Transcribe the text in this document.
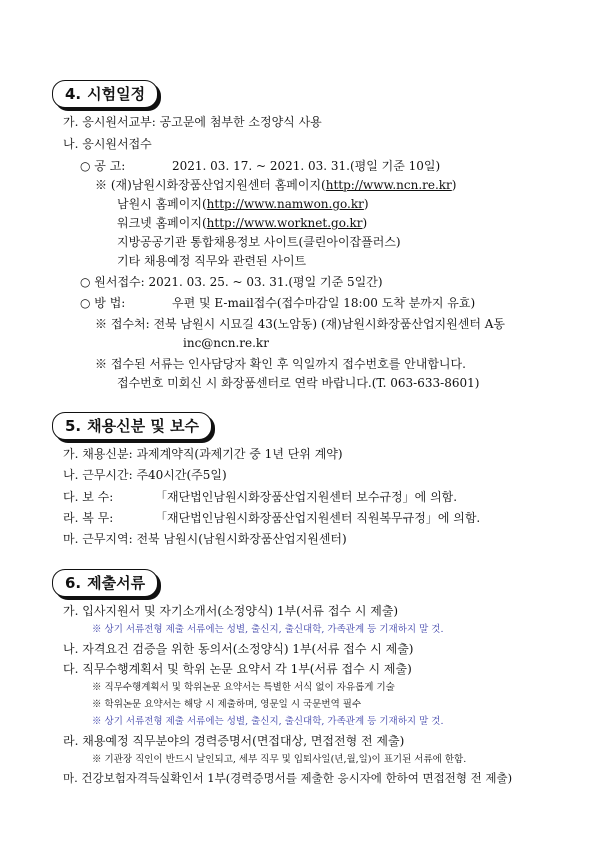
4. 시험일정
가. 응시원서교부: 공고문에 첨부한 소정양식 사용
나. 응시원서접수
○ 공 고:	2021. 03. 17. ~ 2021. 03. 31.(평일 기준 10일)
※ (재)남원시화장품산업지원센터 홈페이지(http://www.ncn.re.kr)
남원시 홈페이지(http://www.namwon.go.kr)
워크넷 홈페이지(http://www.worknet.go.kr)
지방공공기관 통합채용정보 사이트(클린아이잡플러스)
기타 채용예정 직무와 관련된 사이트
○ 원서접수: 2021. 03. 25. ~ 03. 31.(평일 기준 5일간)
○ 방 법:	우편 및 E-mail접수(접수마감일 18:00 도착 분까지 유효)
※ 접수처: 전북 남원시 시묘길 43(노암동) (재)남원시화장품산업지원센터 A동
inc@ncn.re.kr
※ 접수된 서류는 인사담당자 확인 후 익일까지 접수번호를 안내합니다.
접수번호 미회신 시 화장품센터로 연락 바랍니다.(T. 063-633-8601)
5. 채용신분 및 보수
가. 채용신분: 과제계약직(과제기간 중 1년 단위 계약)
나. 근무시간: 주40시간(주5일)
다. 보 수:	「재단법인남원시화장품산업지원센터 보수규정」에 의함.
라. 복 무:	「재단법인남원시화장품산업지원센터 직원복무규정」에 의함.
마. 근무지역: 전북 남원시(남원시화장품산업지원센터)
6. 제출서류
가. 입사지원서 및 자기소개서(소정양식) 1부(서류 접수 시 제출)
※ 상기 서류전형 제출 서류에는 성별, 출신지, 출신대학, 가족관계 등 기재하지 말 것.
나. 자격요건 검증을 위한 동의서(소정양식) 1부(서류 접수 시 제출)
다. 직무수행계획서 및 학위 논문 요약서 각 1부(서류 접수 시 제출)
※ 직무수행계획서 및 학위논문 요약서는 특별한 서식 없이 자유롭게 기술
※ 학위논문 요약서는 해당 시 제출하며, 영문일 시 국문번역 필수
※ 상기 서류전형 제출 서류에는 성별, 출신지, 출신대학, 가족관계 등 기재하지 말 것.
라. 채용예정 직무분야의 경력증명서(면접대상, 면접전형 전 제출)
※ 기관장 직인이 반드시 날인되고, 세부 직무 및 입퇴사일(년,월,일)이 표기된 서류에 한함.
마. 건강보험자격득실확인서 1부(경력증명서를 제출한 응시자에 한하여 면접전형 전 제출)
